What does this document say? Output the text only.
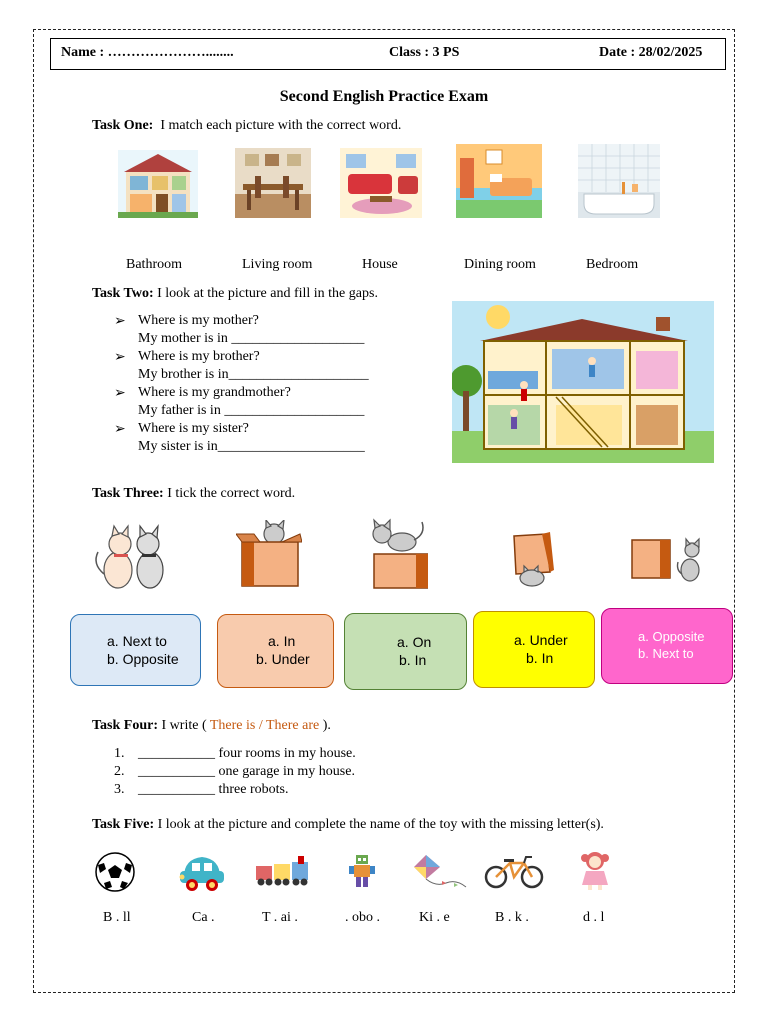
Name : …………………........	Class : 3 PS	Date : 28/02/2025
Second English Practice Exam
Task One: I match each picture with the correct word.
Bathroom	Living room	House	Dining room	Bedroom
Task Two: I look at the picture and fill in the gaps.
➢ Where is my mother?
My mother is in ___________________
➢ Where is my brother?
My brother is in____________________
➢ Where is my grandmother?
My father is in ____________________
➢ Where is my sister?
My sister is in_____________________
Task Three: I tick the correct word.
a. Next to
b. Opposite
a. In
b. Under
a. On
b. In
a. Under
b. In
a. Opposite
b. Next to
Task Four: I write ( There is / There are ).
1. ___________ four rooms in my house.
2. ___________ one garage in my house.
3. ___________ three robots.
Task Five: I look at the picture and complete the name of the toy with the missing letter(s).
B . ll	Ca .	T . ai .	. obo .	Ki . e	B . k .	d . l
